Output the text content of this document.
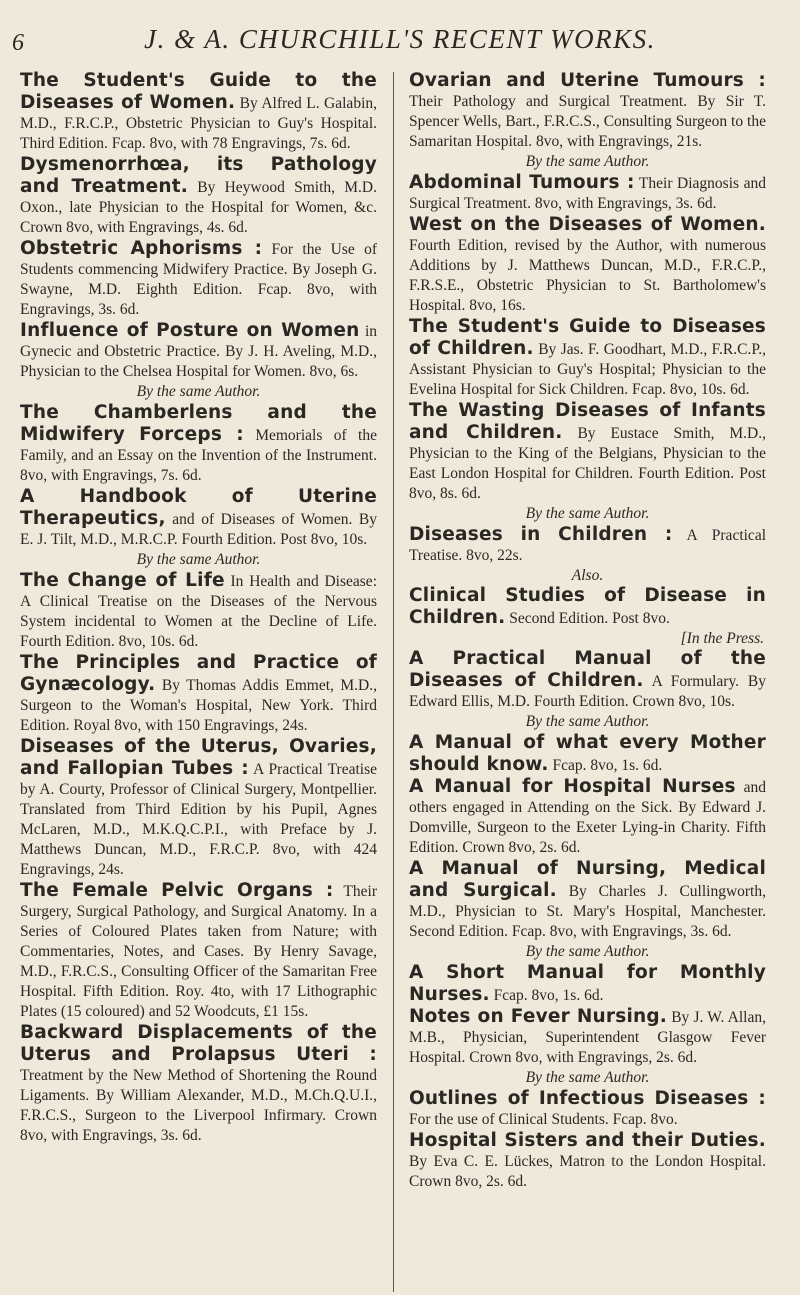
6	J. & A. CHURCHILL'S RECENT WORKS.
The Student's Guide to the Diseases of Women. By Alfred L. Galabin, M.D., F.R.C.P., Obstetric Physician to Guy's Hospital. Third Edition. Fcap. 8vo, with 78 Engravings, 7s. 6d.
Dysmenorrhœa, its Pathology and Treatment. By Heywood Smith, M.D. Oxon., late Physician to the Hospital for Women, &c. Crown 8vo, with Engravings, 4s. 6d.
Obstetric Aphorisms : For the Use of Students commencing Midwifery Practice. By Joseph G. Swayne, M.D. Eighth Edition. Fcap. 8vo, with Engravings, 3s. 6d.
Influence of Posture on Women in Gynecic and Obstetric Practice. By J. H. Aveling, M.D., Physician to the Chelsea Hospital for Women. 8vo, 6s.
By the same Author.
The Chamberlens and the Midwifery Forceps : Memorials of the Family, and an Essay on the Invention of the Instrument. 8vo, with Engravings, 7s. 6d.
A Handbook of Uterine Therapeutics, and of Diseases of Women. By E. J. Tilt, M.D., M.R.C.P. Fourth Edition. Post 8vo, 10s.
By the same Author.
The Change of Life In Health and Disease: A Clinical Treatise on the Diseases of the Nervous System incidental to Women at the Decline of Life. Fourth Edition. 8vo, 10s. 6d.
The Principles and Practice of Gynæcology. By Thomas Addis Emmet, M.D., Surgeon to the Woman's Hospital, New York. Third Edition. Royal 8vo, with 150 Engravings, 24s.
Diseases of the Uterus, Ovaries, and Fallopian Tubes : A Practical Treatise by A. Courty, Professor of Clinical Surgery, Montpellier. Translated from Third Edition by his Pupil, Agnes McLaren, M.D., M.K.Q.C.P.I., with Preface by J. Matthews Duncan, M.D., F.R.C.P. 8vo, with 424 Engravings, 24s.
The Female Pelvic Organs : Their Surgery, Surgical Pathology, and Surgical Anatomy. In a Series of Coloured Plates taken from Nature; with Commentaries, Notes, and Cases. By Henry Savage, M.D., F.R.C.S., Consulting Officer of the Samaritan Free Hospital. Fifth Edition. Roy. 4to, with 17 Lithographic Plates (15 coloured) and 52 Woodcuts, £1 15s.
Backward Displacements of the Uterus and Prolapsus Uteri : Treatment by the New Method of Shortening the Round Ligaments. By William Alexander, M.D., M.Ch.Q.U.I., F.R.C.S., Surgeon to the Liverpool Infirmary. Crown 8vo, with Engravings, 3s. 6d.
Ovarian and Uterine Tumours : Their Pathology and Surgical Treatment. By Sir T. Spencer Wells, Bart., F.R.C.S., Consulting Surgeon to the Samaritan Hospital. 8vo, with Engravings, 21s.
By the same Author.
Abdominal Tumours : Their Diagnosis and Surgical Treatment. 8vo, with Engravings, 3s. 6d.
West on the Diseases of Women. Fourth Edition, revised by the Author, with numerous Additions by J. Matthews Duncan, M.D., F.R.C.P., F.R.S.E., Obstetric Physician to St. Bartholomew's Hospital. 8vo, 16s.
The Student's Guide to Diseases of Children. By Jas. F. Goodhart, M.D., F.R.C.P., Assistant Physician to Guy's Hospital; Physician to the Evelina Hospital for Sick Children. Fcap. 8vo, 10s. 6d.
The Wasting Diseases of Infants and Children. By Eustace Smith, M.D., Physician to the King of the Belgians, Physician to the East London Hospital for Children. Fourth Edition. Post 8vo, 8s. 6d.
By the same Author.
Diseases in Children : A Practical Treatise. 8vo, 22s.
Also.
Clinical Studies of Disease in Children. Second Edition. Post 8vo.
[In the Press.
A Practical Manual of the Diseases of Children. A Formulary. By Edward Ellis, M.D. Fourth Edition. Crown 8vo, 10s.
By the same Author.
A Manual of what every Mother should know. Fcap. 8vo, 1s. 6d.
A Manual for Hospital Nurses and others engaged in Attending on the Sick. By Edward J. Domville, Surgeon to the Exeter Lying-in Charity. Fifth Edition. Crown 8vo, 2s. 6d.
A Manual of Nursing, Medical and Surgical. By Charles J. Cullingworth, M.D., Physician to St. Mary's Hospital, Manchester. Second Edition. Fcap. 8vo, with Engravings, 3s. 6d.
By the same Author.
A Short Manual for Monthly Nurses. Fcap. 8vo, 1s. 6d.
Notes on Fever Nursing. By J. W. Allan, M.B., Physician, Superintendent Glasgow Fever Hospital. Crown 8vo, with Engravings, 2s. 6d.
By the same Author.
Outlines of Infectious Diseases : For the use of Clinical Students. Fcap. 8vo.
Hospital Sisters and their Duties. By Eva C. E. Lückes, Matron to the London Hospital. Crown 8vo, 2s. 6d.
